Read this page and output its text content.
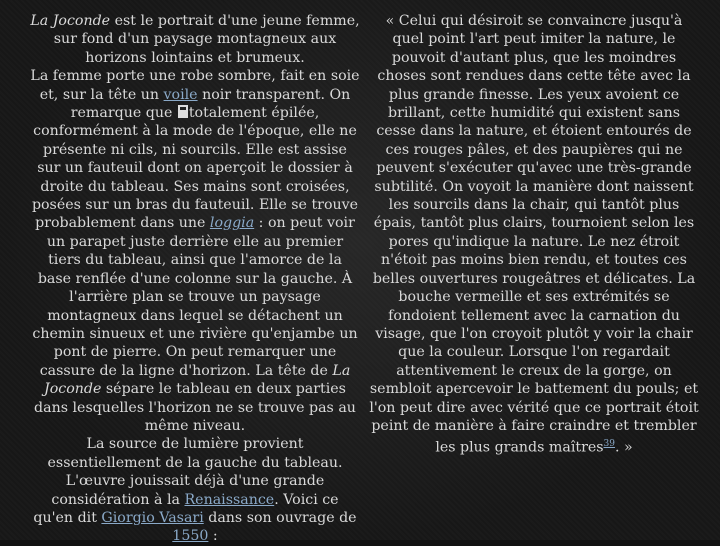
La Joconde est le portrait d'une jeune femme, sur fond d'un paysage montagneux aux horizons lointains et brumeux.

La femme porte une robe sombre, fait en soie et, sur la tête un voile noir transparent. On remarque que totalement épilée, conformément à la mode de l'époque, elle ne présente ni cils, ni sourcils. Elle est assise sur un fauteuil dont on aperçoit le dossier à droite du tableau. Ses mains sont croisées, posées sur un bras du fauteuil. Elle se trouve probablement dans une loggia : on peut voir un parapet juste derrière elle au premier tiers du tableau, ainsi que l'amorce de la base renflée d'une colonne sur la gauche. À l'arrière plan se trouve un paysage montagneux dans lequel se détachent un chemin sinueux et une rivière qu'enjambe un pont de pierre. On peut remarquer une cassure de la ligne d'horizon. La tête de La Joconde sépare le tableau en deux parties dans lesquelles l'horizon ne se trouve pas au même niveau.

La source de lumière provient essentiellement de la gauche du tableau.

L'œuvre jouissait déjà d'une grande considération à la Renaissance. Voici ce qu'en dit Giorgio Vasari dans son ouvrage de 1550 :

« Celui qui désiroit se convaincre jusqu'à quel point l'art peut imiter la nature, le pouvoit d'autant plus, que les moindres choses sont rendues dans cette tête avec la plus grande finesse. Les yeux avoient ce brillant, cette humidité qui existent sans cesse dans la nature, et étoient entourés de ces rouges pâles, et des paupières qui ne peuvent s'exécuter qu'avec une très-grande subtilité. On voyoit la manière dont naissent les sourcils dans la chair, qui tantôt plus épais, tantôt plus clairs, tournoient selon les pores qu'indique la nature. Le nez étroit n'étoit pas moins bien rendu, et toutes ces belles ouvertures rougeâtres et délicates. La bouche vermeille et ses extrémités se fondoient tellement avec la carnation du visage, que l'on croyoit plutôt y voir la chair que la couleur. Lorsque l'on regardait attentivement le creux de la gorge, on sembloit apercevoir le battement du pouls; et l'on peut dire avec vérité que ce portrait étoit peint de manière à faire craindre et trembler les plus grands maîtres$^{39}$. »
